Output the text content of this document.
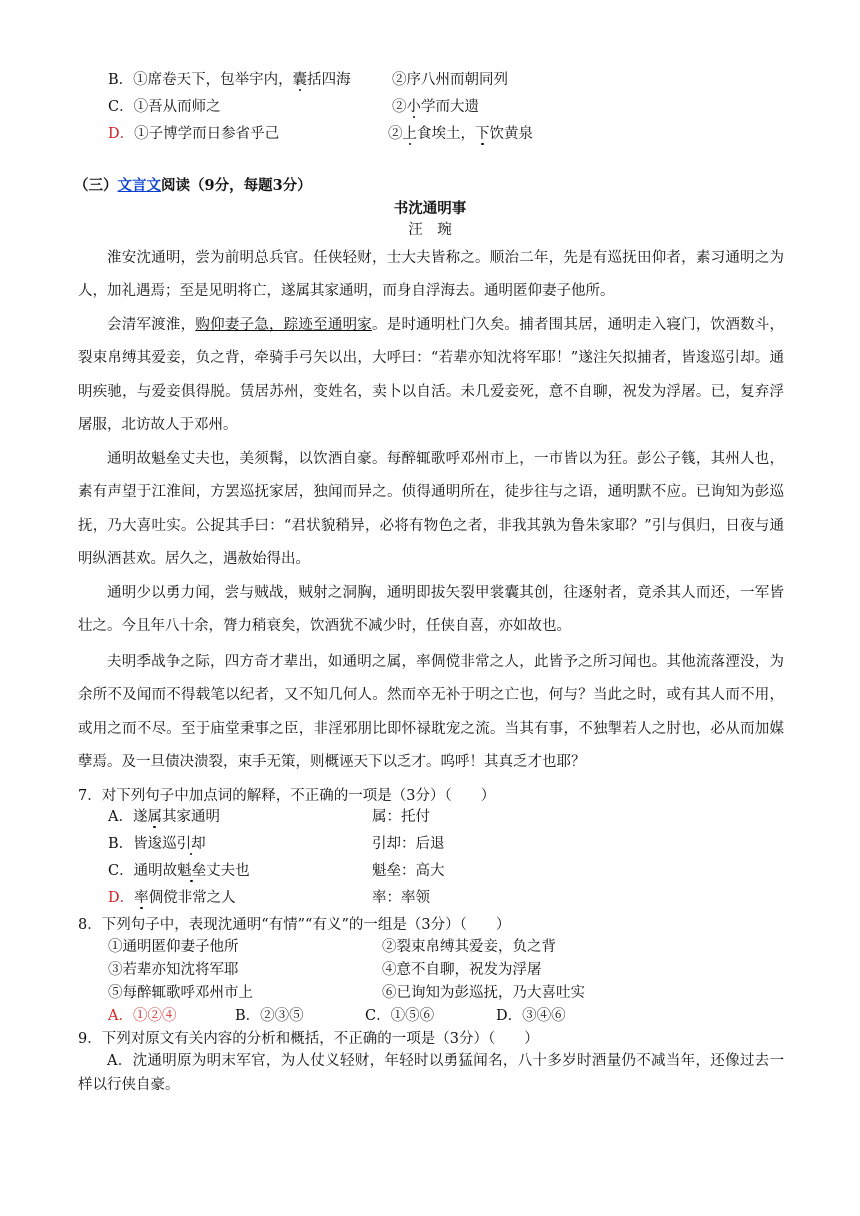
B．①席卷天下，包举宇内，囊括四海	②序八州而朝同列
C．①吾从而师之	②小学而大遗
D．①子博学而日参省乎己	②上食埃土，下饮黄泉
（三）文言文阅读（9分，每题3分）
书沈通明事
汪　琬
淮安沈通明，尝为前明总兵官。任侠轻财，士大夫皆称之。顺治二年，先是有巡抚田仰者，素习通明之为人，加礼遇焉；至是见明将亡，遂属其家通明，而身自浮海去。通明匿仰妻子他所。
会清军渡淮，购仰妻子急，踪迹至通明家。是时通明杜门久矣。捕者围其居，通明走入寝门，饮酒数斗，裂束帛缚其爱妾，负之背，牵骑手弓矢以出，大呼曰：“若辈亦知沈将军耶！”遂注矢拟捕者，皆逡巡引却。通明疾驰，与爱妾俱得脱。赁居苏州，变姓名，卖卜以自活。未几爱妾死，意不自聊，祝发为浮屠。已，复弃浮屠服，北访故人于邓州。
通明故魁垒丈夫也，美须髯，以饮酒自豪。每醉辄歌呼邓州市上，一市皆以为狂。彭公子篯，其州人也，素有声望于江淮间，方罢巡抚家居，独闻而异之。侦得通明所在，徒步往与之语，通明默不应。已询知为彭巡抚，乃大喜吐实。公捉其手曰：“君状貌稍异，必将有物色之者，非我其孰为鲁朱家耶？”引与俱归，日夜与通明纵酒甚欢。居久之，遇赦始得出。
通明少以勇力闻，尝与贼战，贼射之洞胸，通明即拔矢裂甲裳囊其创，往逐射者，竟杀其人而还，一军皆壮之。今且年八十余，膂力稍衰矣，饮酒犹不减少时，任侠自喜，亦如故也。
夫明季战争之际，四方奇才辈出，如通明之属，率倜傥非常之人，此皆予之所习闻也。其他流落湮没，为余所不及闻而不得载笔以纪者，又不知几何人。然而卒无补于明之亡也，何与？当此之时，或有其人而不用，或用之而不尽。至于庙堂秉事之臣，非淫邪朋比即怀禄耽宠之流。当其有事，不独掣若人之肘也，必从而加媒孽焉。及一旦债决溃裂，束手无策，则概诬天下以乏才。呜呼！其真乏才也耶？
7．对下列句子中加点词的解释，不正确的一项是（3分）（　　）
A．遂属其家通明	属：托付
B．皆逡巡引却	引却：后退
C．通明故魁垒丈夫也	魁垒：高大
D．率倜傥非常之人	率：率领
8．下列句子中，表现沈通明“有情”“有义”的一组是（3分）（　　）
①通明匿仰妻子他所	②裂束帛缚其爱妾，负之背
③若辈亦知沈将军耶	④意不自聊，祝发为浮屠
⑤每醉辄歌呼邓州市上	⑥已询知为彭巡抚，乃大喜吐实
A．①②④	B．②③⑤	C．①⑤⑥	D．③④⑥
9．下列对原文有关内容的分析和概括，不正确的一项是（3分）（　　）
A．沈通明原为明末军官，为人仗义轻财，年轻时以勇猛闻名，八十多岁时酒量仍不减当年，还像过去一样以行侠自豪。
